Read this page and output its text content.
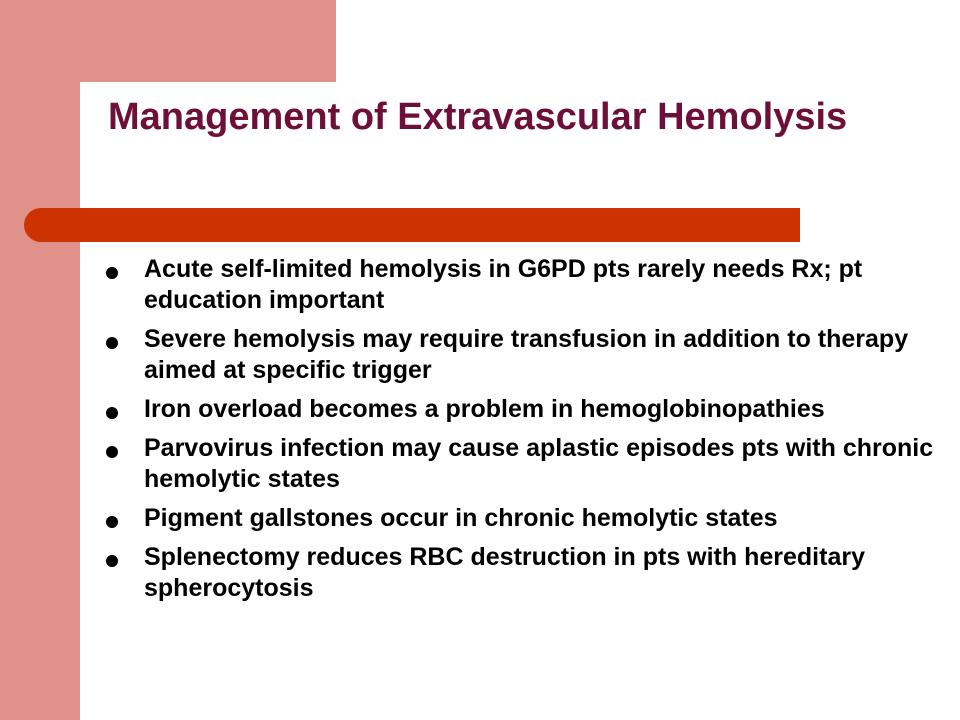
Management of Extravascular Hemolysis
Acute self-limited hemolysis in G6PD pts rarely needs Rx; pt education important
Severe hemolysis may require transfusion in addition to therapy aimed at specific trigger
Iron overload becomes a problem in hemoglobinopathies
Parvovirus infection may cause aplastic episodes pts with chronic hemolytic states
Pigment gallstones occur in chronic hemolytic states
Splenectomy reduces RBC destruction in pts with hereditary spherocytosis
